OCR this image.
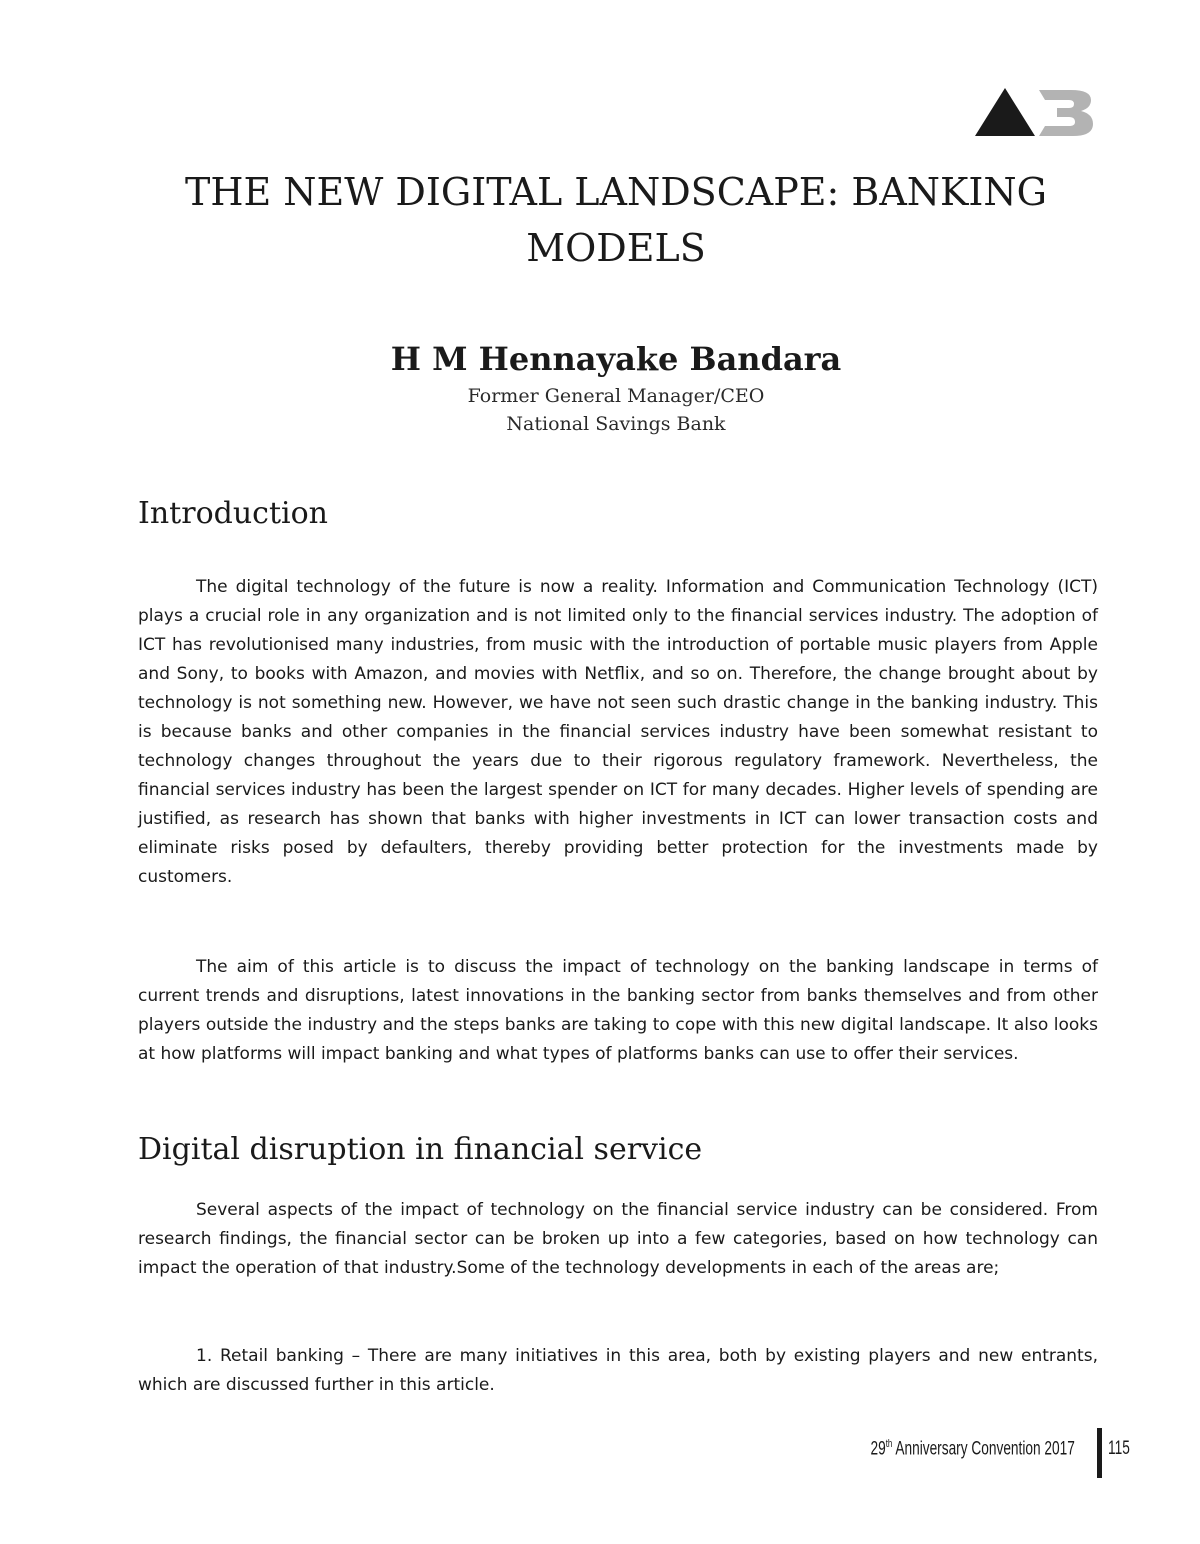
THE NEW DIGITAL LANDSCAPE: BANKING MODELS
H M Hennayake Bandara
Former General Manager/CEO
National Savings Bank
Introduction

The digital technology of the future is now a reality. Information and Communication Technology (ICT) plays a crucial role in any organization and is not limited only to the financial services industry. The adoption of ICT has revolutionised many industries, from music with the introduction of portable music players from Apple and Sony, to books with Amazon, and movies with Netflix, and so on. Therefore, the change brought about by technology is not something new. However, we have not seen such drastic change in the banking industry. This is because banks and other companies in the financial services industry have been somewhat resistant to technology changes throughout the years due to their rigorous regulatory framework. Nevertheless, the financial services industry has been the largest spender on ICT for many decades. Higher levels of spending are justified, as research has shown that banks with higher investments in ICT can lower transaction costs and eliminate risks posed by defaulters, thereby providing better protection for the investments made by customers.

The aim of this article is to discuss the impact of technology on the banking landscape in terms of current trends and disruptions, latest innovations in the banking sector from banks themselves and from other players outside the industry and the steps banks are taking to cope with this new digital landscape. It also looks at how platforms will impact banking and what types of platforms banks can use to offer their services.

Digital disruption in financial service

Several aspects of the impact of technology on the financial service industry can be considered. From research findings, the financial sector can be broken up into a few categories, based on how technology can impact the operation of that industry.Some of the technology developments in each of the areas are;

1. Retail banking – There are many initiatives in this area, both by existing players and new entrants, which are discussed further in this article.

29th Anniversary Convention 2017 115
